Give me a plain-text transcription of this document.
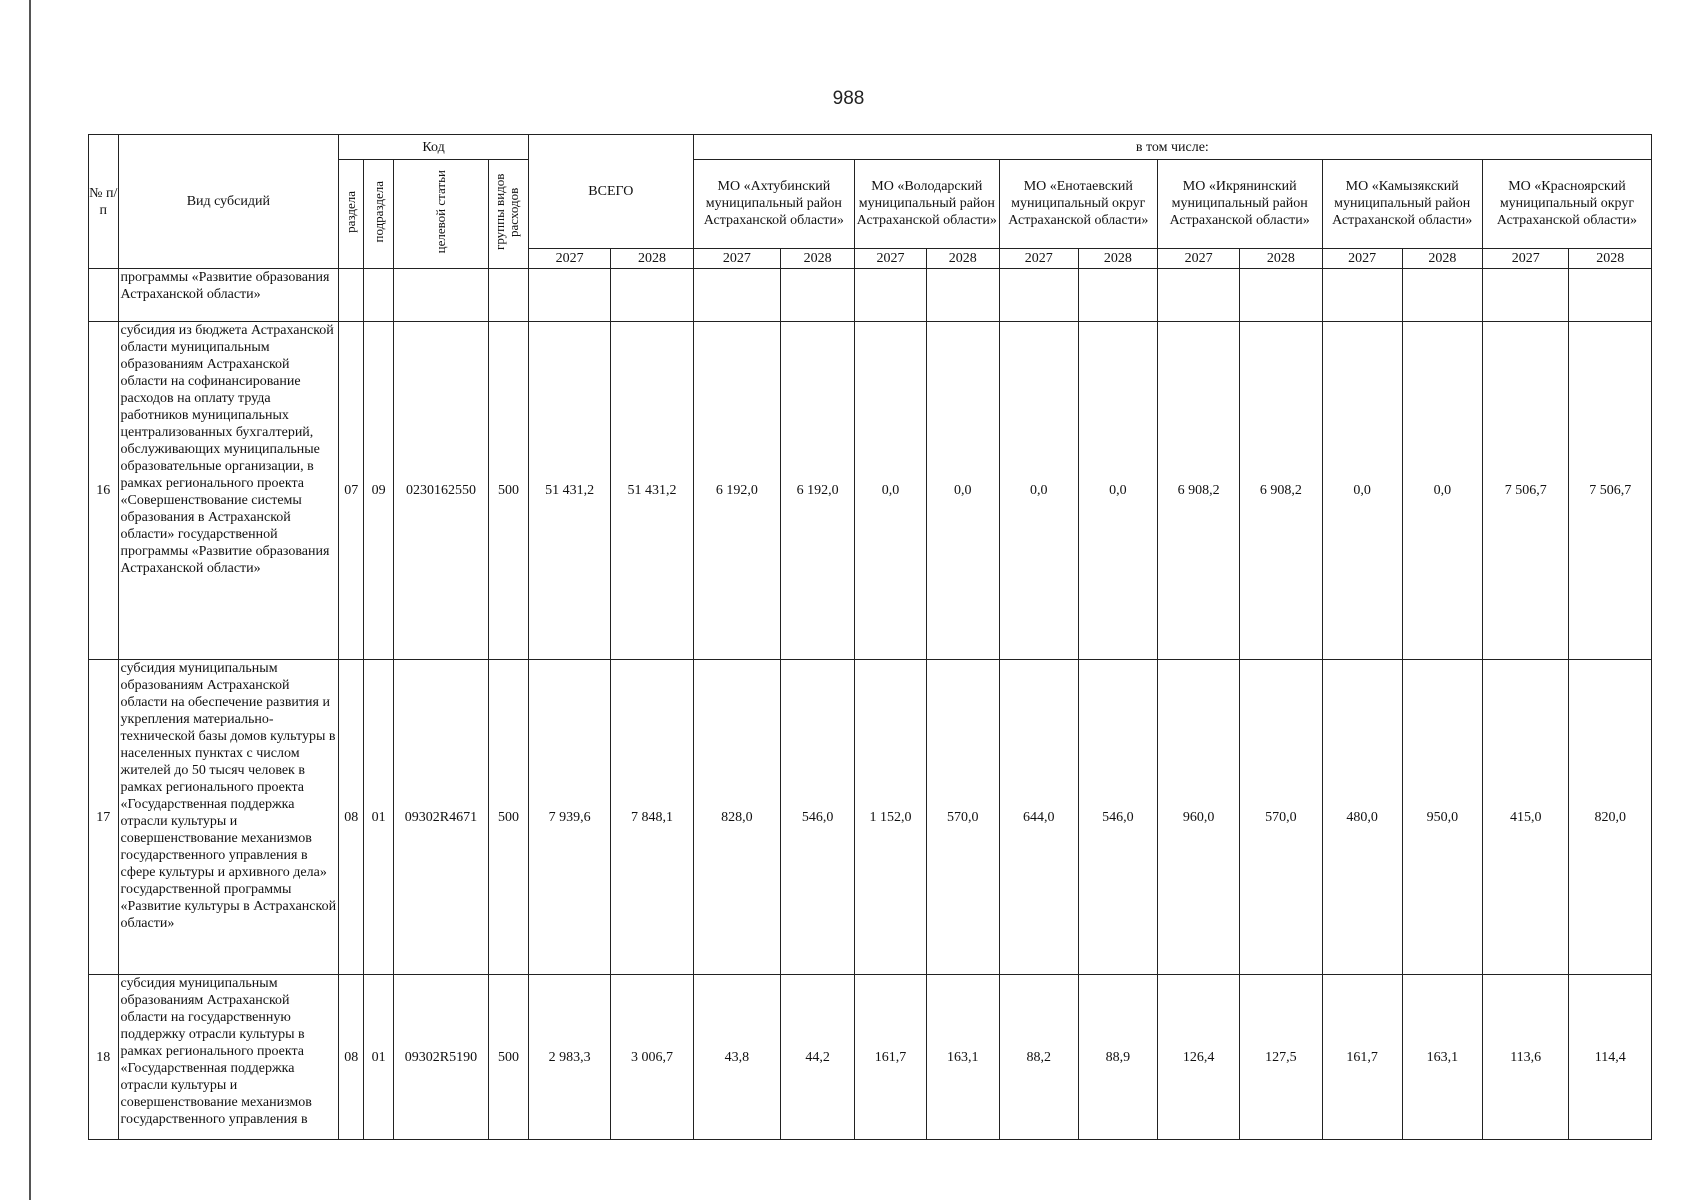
988
№ п/п	Вид субсидий	Код				ВСЕГО		в том числе:											
		раздела	подраздела	целевой статьи	группы видов расходов			МО «Ахтубинский муниципальный район Астраханской области»		МО «Володарский муниципальный район Астраханской области»		МО «Енотаевский муниципальный округ Астраханской области»		МО «Икрянинский муниципальный район Астраханской области»		МО «Камызякский муниципальный район Астраханской области»		МО «Красноярский муниципальный округ Астраханской области»	
						2027	2028	2027	2028	2027	2028	2027	2028	2027	2028	2027	2028	2027	2028
	программы «Развитие образования Астраханской области»																		
16	субсидия из бюджета Астраханской области муниципальным образованиям Астраханской области на софинансирование расходов на оплату труда работников муниципальных централизованных бухгалтерий, обслуживающих муниципальные образовательные организации, в рамках регионального проекта «Совершенствование системы образования в Астраханской области» государственной программы «Развитие образования Астраханской области»	07	09	0230162550	500	51 431,2	51 431,2	6 192,0	6 192,0	0,0	0,0	0,0	0,0	6 908,2	6 908,2	0,0	0,0	7 506,7	7 506,7
17	субсидия муниципальным образованиям Астраханской области на обеспечение развития и укрепления материально-технической базы домов культуры в населенных пунктах с числом жителей до 50 тысяч человек в рамках регионального проекта «Государственная поддержка отрасли культуры и совершенствование механизмов государственного управления в сфере культуры и архивного дела» государственной программы «Развитие культуры в Астраханской области»	08	01	09302R4671	500	7 939,6	7 848,1	828,0	546,0	1 152,0	570,0	644,0	546,0	960,0	570,0	480,0	950,0	415,0	820,0
18	субсидия муниципальным образованиям Астраханской области на государственную поддержку отрасли культуры в рамках регионального проекта «Государственная поддержка отрасли культуры и совершенствование механизмов государственного управления в	08	01	09302R5190	500	2 983,3	3 006,7	43,8	44,2	161,7	163,1	88,2	88,9	126,4	127,5	161,7	163,1	113,6	114,4
